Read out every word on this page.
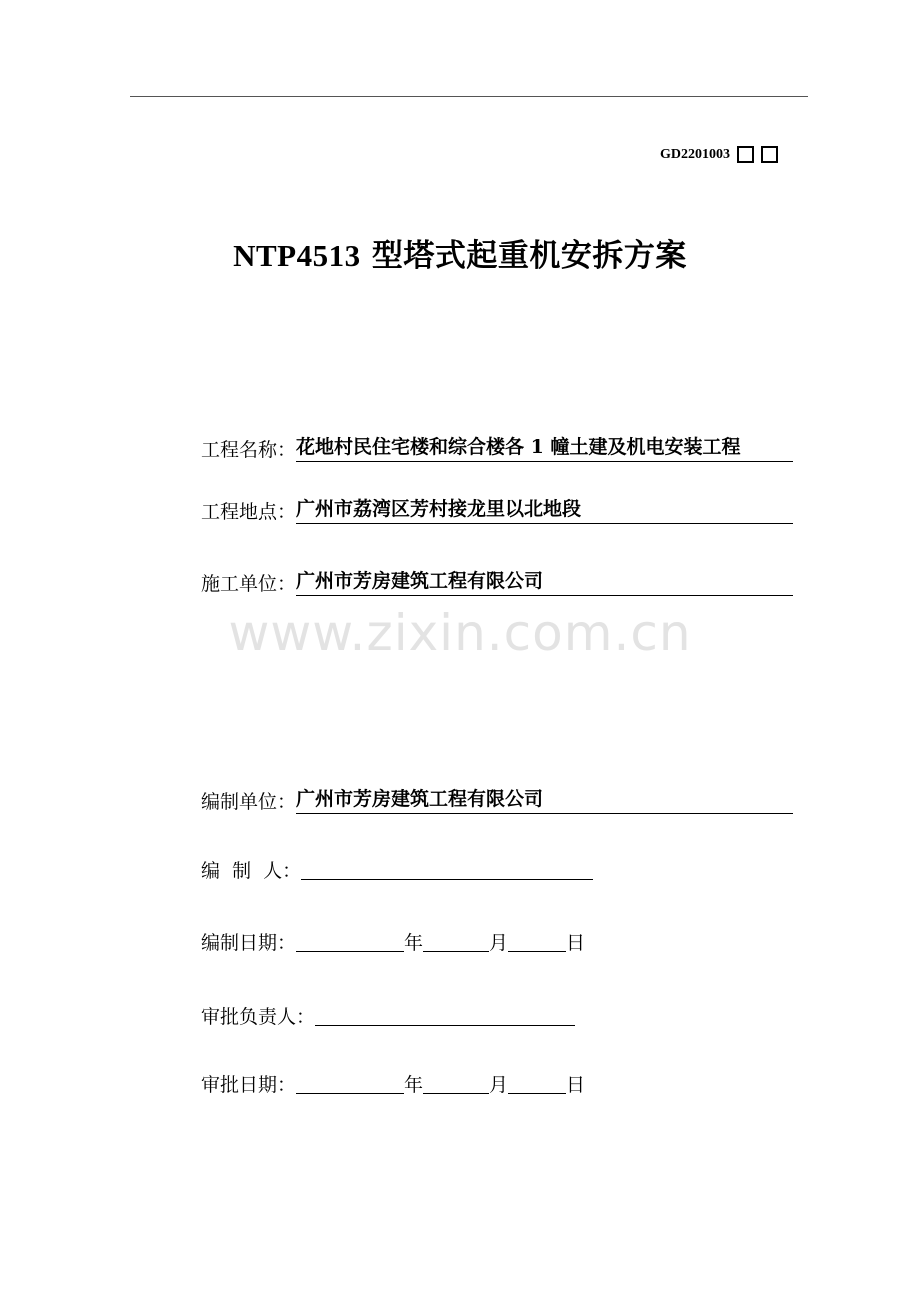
GD2201003
NTP4513 型塔式起重机安拆方案
工程名称： 花地村民住宅楼和综合楼各 1 幢土建及机电安装工程
工程地点： 广州市荔湾区芳村接龙里以北地段
施工单位： 广州市芳房建筑工程有限公司
www.zixin.com.cn
编制单位： 广州市芳房建筑工程有限公司
编  制  人：
编制日期：	年	月	日
审批负责人：
审批日期：	年	月	日
